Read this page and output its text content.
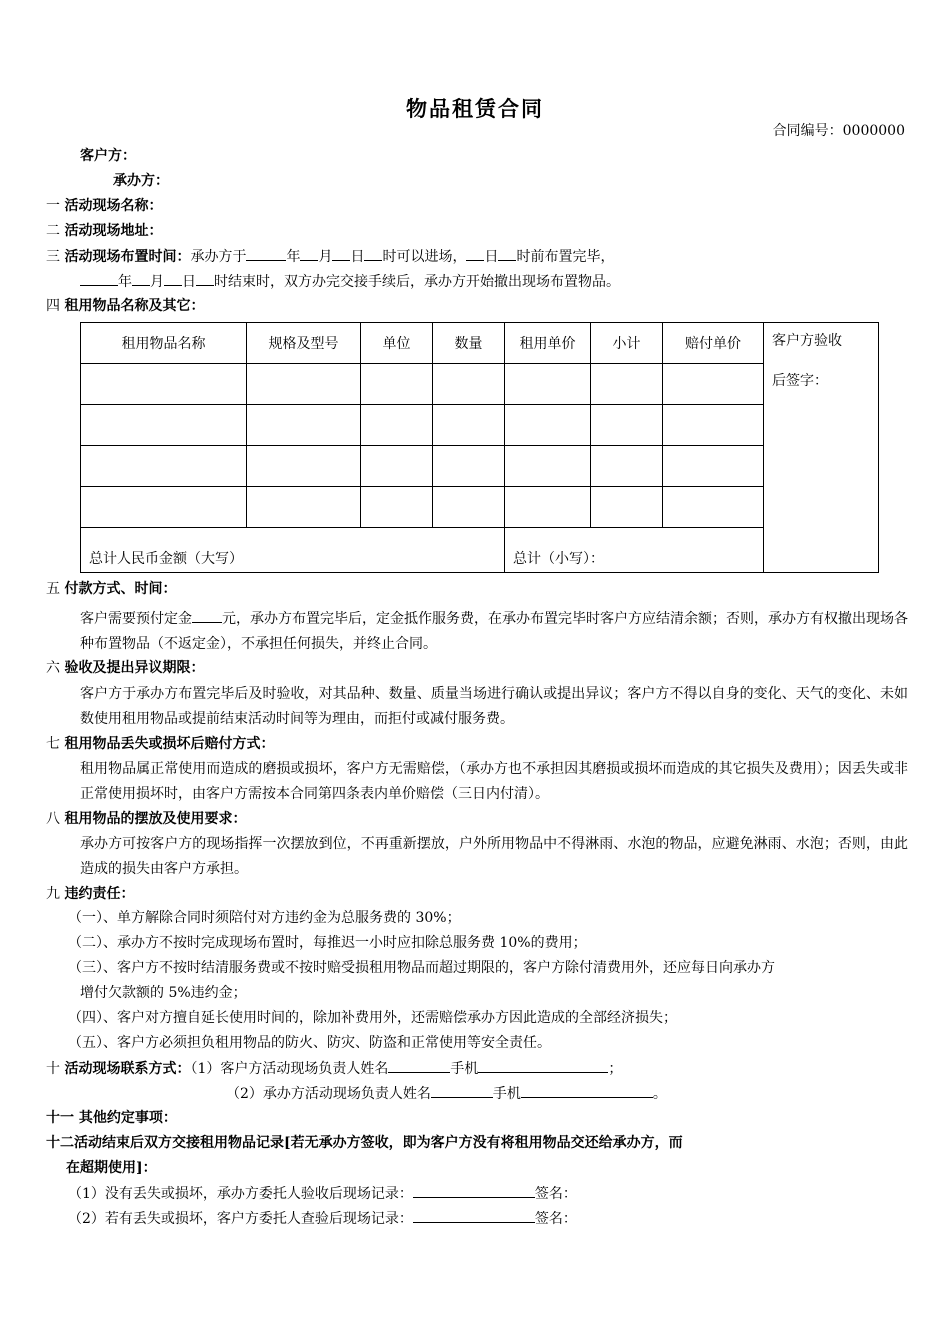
物品租赁合同
合同编号：0000000
客户方：
承办方：
一 活动现场名称：
二 活动现场地址：
三 活动现场布置时间：承办方于	年 月 日 时可以进场， 日 时前布置完毕，
年 月 日 时结束时，双方办完交接手续后，承办方开始撤出现场布置物品。
四 租用物品名称及其它：
租用物品名称	规格及型号	单位	数量	租用单价	小计	赔付单价	客户方验收
后签字：

总计人民币金额（大写）				总计（小写）：			
五 付款方式、时间：
客户需要预付定金 元，承办方布置完毕后，定金抵作服务费，在承办布置完毕时客户方应结清余额；否则，承办方有权撤出现场各种布置物品（不返定金），不承担任何损失，并终止合同。
六 验收及提出异议期限：
客户方于承办方布置完毕后及时验收，对其品种、数量、质量当场进行确认或提出异议；客户方不得以自身的变化、天气的变化、未如数使用租用物品或提前结束活动时间等为理由，而拒付或减付服务费。
七 租用物品丢失或损坏后赔付方式：
租用物品属正常使用而造成的磨损或损坏，客户方无需赔偿，（承办方也不承担因其磨损或损坏而造成的其它损失及费用）；因丢失或非正常使用损坏时，由客户方需按本合同第四条表内单价赔偿（三日内付清）。
八 租用物品的摆放及使用要求：
承办方可按客户方的现场指挥一次摆放到位，不再重新摆放，户外所用物品中不得淋雨、水泡的物品，应避免淋雨、水泡；否则，由此造成的损失由客户方承担。
九 违约责任：
（一）、单方解除合同时须陪付对方违约金为总服务费的 30%；
（二）、承办方不按时完成现场布置时，每推迟一小时应扣除总服务费 10%的费用；
（三）、客户方不按时结清服务费或不按时赔受损租用物品而超过期限的，客户方除付清费用外，还应每日向承办方
增付欠款额的 5%违约金；
（四）、客户对方擅自延长使用时间的，除加补费用外，还需赔偿承办方因此造成的全部经济损失；
（五）、客户方必须担负租用物品的防火、防灾、防盗和正常使用等安全责任。
十 活动现场联系方式：（1）客户方活动现场负责人姓名	手机	；
（2）承办方活动现场负责人姓名	手机	。
十一 其他约定事项：
十二活动结束后双方交接租用物品记录[若无承办方签收，即为客户方没有将租用物品交还给承办方，而
在超期使用]：
（1）没有丢失或损坏，承办方委托人验收后现场记录：	签名：
（2）若有丢失或损坏，客户方委托人查验后现场记录：	签名：
